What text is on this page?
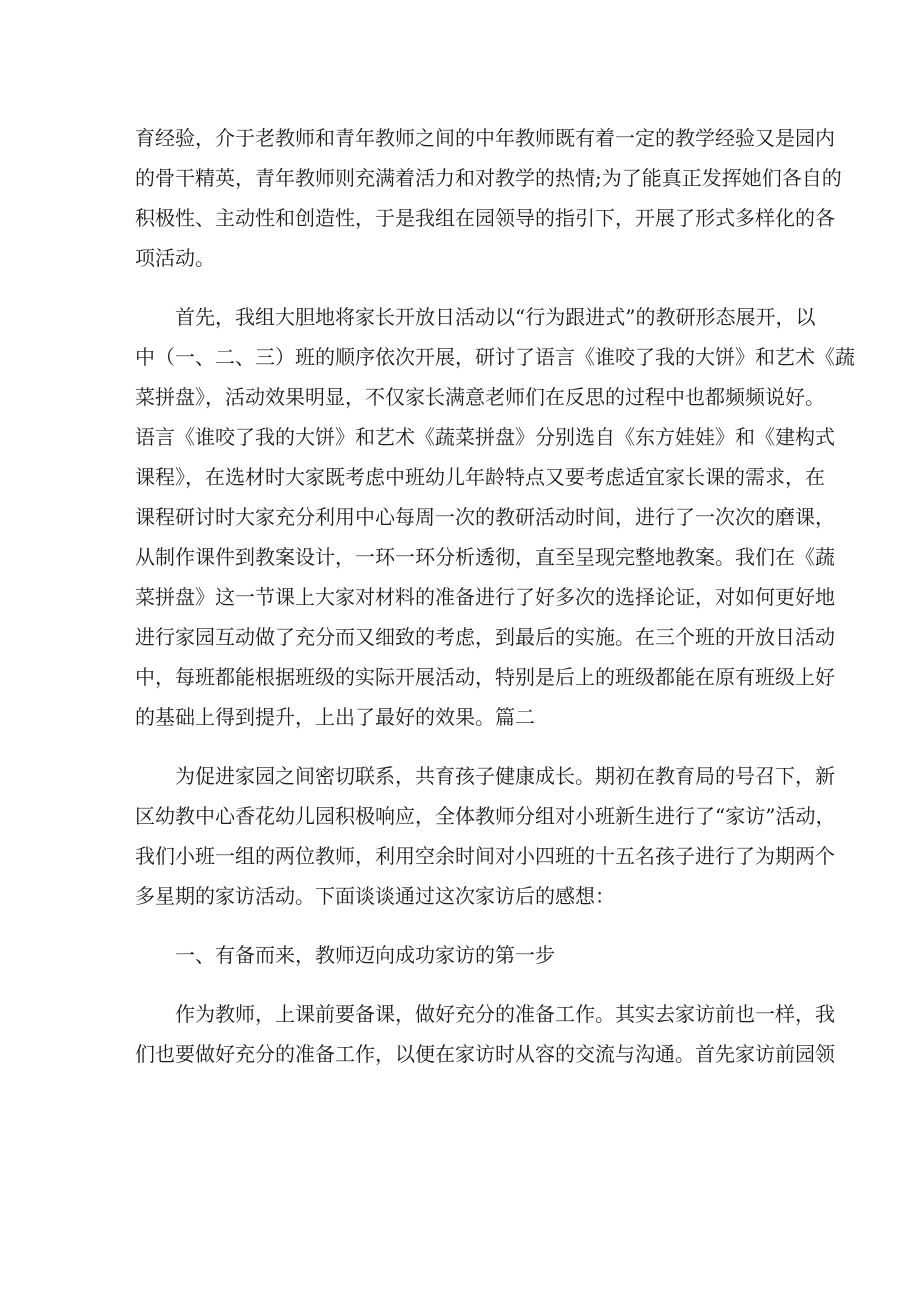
育经验，介于老教师和青年教师之间的中年教师既有着一定的教学经验又是园内
的骨干精英，青年教师则充满着活力和对教学的热情;为了能真正发挥她们各自的
积极性、主动性和创造性，于是我组在园领导的指引下，开展了形式多样化的各
项活动。
首先，我组大胆地将家长开放日活动以“行为跟进式”的教研形态展开，以
中（一、二、三）班的顺序依次开展，研讨了语言《谁咬了我的大饼》和艺术《蔬
菜拼盘》，活动效果明显，不仅家长满意老师们在反思的过程中也都频频说好。
语言《谁咬了我的大饼》和艺术《蔬菜拼盘》分别选自《东方娃娃》和《建构式
课程》，在选材时大家既考虑中班幼儿年龄特点又要考虑适宜家长课的需求，在
课程研讨时大家充分利用中心每周一次的教研活动时间，进行了一次次的磨课，
从制作课件到教案设计，一环一环分析透彻，直至呈现完整地教案。我们在《蔬
菜拼盘》这一节课上大家对材料的准备进行了好多次的选择论证，对如何更好地
进行家园互动做了充分而又细致的考虑，到最后的实施。在三个班的开放日活动
中，每班都能根据班级的实际开展活动，特别是后上的班级都能在原有班级上好
的基础上得到提升，上出了最好的效果。篇二
为促进家园之间密切联系，共育孩子健康成长。期初在教育局的号召下，新
区幼教中心香花幼儿园积极响应，全体教师分组对小班新生进行了“家访”活动，
我们小班一组的两位教师，利用空余时间对小四班的十五名孩子进行了为期两个
多星期的家访活动。下面谈谈通过这次家访后的感想：
一、有备而来，教师迈向成功家访的第一步
作为教师，上课前要备课，做好充分的准备工作。其实去家访前也一样，我
们也要做好充分的准备工作，以便在家访时从容的交流与沟通。首先家访前园领
